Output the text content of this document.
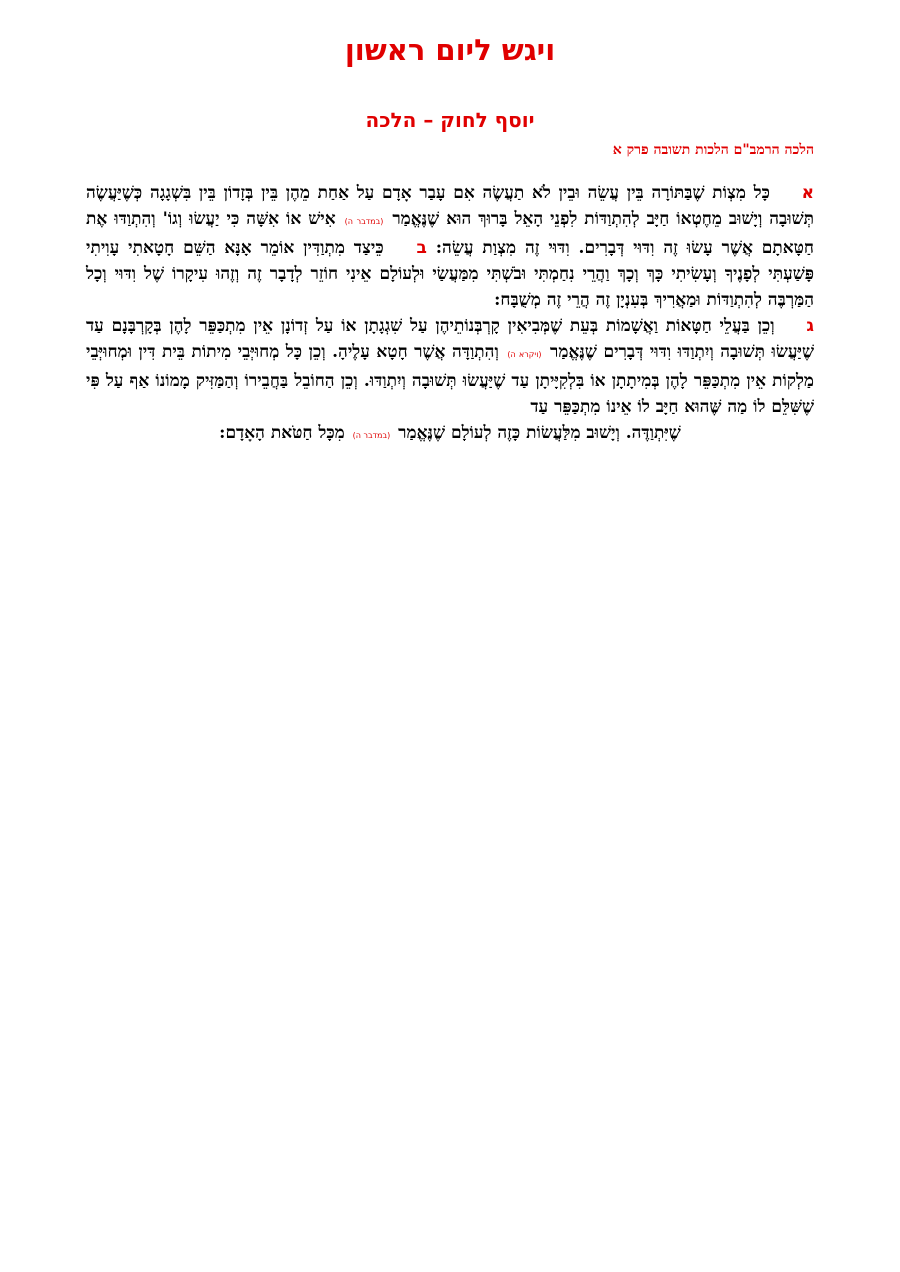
ויגש ליום ראשון
יוסף לחוק – הלכה
הלכה הרמב"ם הלכות תשובה פרק א

א כָּל מִצְוֹת שֶׁבַּתּוֹרָה בֵּין עֲשֵׂה וּבֵין לֹא תַעֲשֶׂה אִם עָבַר אָדָם עַל אַחַת מֵהֶן בֵּין בְּזָדוֹן בֵּין בִּשְׁגָגָה כְּשֶׁיַּעֲשֶׂה תְּשׁוּבָה וְיָשׁוּב מֵחֶטְאוֹ חַיָּב לְהִתְוַדּוֹת לִפְנֵי הָאֵל בָּרוּךְ הוּא שֶׁנֶּאֱמַר (במדבר ה) אִישׁ אוֹ אִשָּׁה כִּי יַעֲשׂוּ וְגוֹ' וְהִתְוַדּוּ אֶת חַטָּאתָם אֲשֶׁר עָשׂוּ זֶה וִדּוּי דְּבָרִים. וִדּוּי זֶה מִצְוַת עֲשֵׂה: ב כֵּיצַד מִתְוַדִּין אוֹמֵר אָנָּא הַשֵּׁם חָטָאתִי עָוִיתִי פָּשַׁעְתִּי לְפָנֶיךָ וְעָשִׂיתִי כָּךְ וְכָךְ וַהֲרֵי נִחַמְתִּי וּבֹשְׁתִּי מִמַּעֲשַׂי וּלְעוֹלָם אֵינִי חוֹזֵר לְדָבָר זֶה וְזֶהוּ עִיקָרוֹ שֶׁל וִדּוּי וְכָל הַמַּרְבֶּה לְהִתְוַדּוֹת וּמַאֲרִיךְ בְּעִנְיָן זֶה הֲרֵי זֶה מְשֻׁבָּח:
ג וְכֵן בַּעֲלֵי חַטָּאוֹת וַאֲשָׁמוֹת בְּעֵת שֶׁמְּבִיאִין קָרְבְּנוֹתֵיהֶן עַל שִׁגְגָתָן אוֹ עַל זְדוֹנָן אֵין מִתְכַּפֵּר לָהֶן בְּקָרְבָּנָם עַד שֶׁיַּעֲשׂוּ תְּשׁוּבָה וְיִתְוַדּוּ וִדּוּי דְּבָרִים שֶׁנֶּאֱמַר (ויקרא ה) וְהִתְוַדָּה אֲשֶׁר חָטָא עָלֶיהָ. וְכֵן כָּל מְחוּיְּבֵי מִיתוֹת בֵּית דִּין וּמְחוּיְּבֵי מַלְקוֹת אֵין מִתְכַּפֵּר לָהֶן בְּמִיתָתָן אוֹ בִּלְקִיָּיתָן עַד שֶׁיַּעֲשׂוּ תְּשׁוּבָה וְיִתְוַדּוּ. וְכֵן הַחוֹבֵל בַּחֲבֵירוֹ וְהַמַּזִּיק מָמוֹנוֹ אַף עַל פִּי שֶׁשִּׁלֵּם לוֹ מַה שֶּׁהוּא חַיָּב לוֹ אֵינוֹ מִתְכַּפֵּר עַד
שֶׁיִּתְוַדֶּה. וְיָשׁוּב מִלַּעֲשׂוֹת כָּזֶה לְעוֹלָם שֶׁנֶּאֱמַר (במדבר ה) מִכָּל חַטֹּאת הָאָדָם:
